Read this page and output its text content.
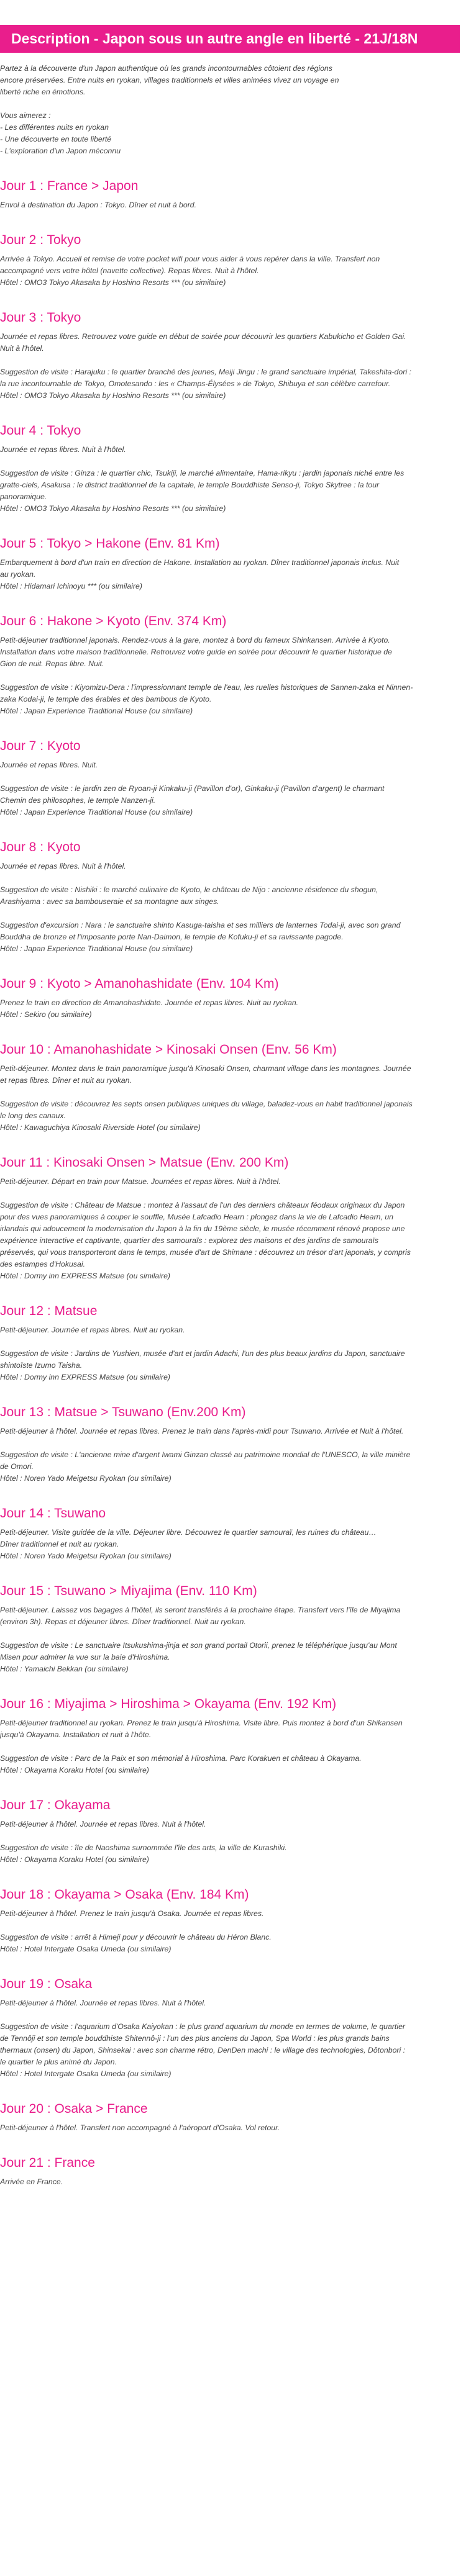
Description - Japon sous un autre angle en liberté - 21J/18N

Partez à la découverte d'un Japon authentique où les grands incontournables côtoient des régions

encore préservées. Entre nuits en ryokan, villages traditionnels et villes animées vivez un voyage en

liberté riche en émotions.

Vous aimerez :

- Les différentes nuits en ryokan

- Une découverte en toute liberté

- L'exploration d'un Japon méconnu

Jour 1 : France > Japon

Envol à destination du Japon : Tokyo. Dîner et nuit à bord.

Jour 2 : Tokyo

Arrivée à Tokyo. Accueil et remise de votre pocket wifi pour vous aider à vous repérer dans la ville. Transfert non

accompagné vers votre hôtel (navette collective). Repas libres. Nuit à l'hôtel.

Hôtel : OMO3 Tokyo Akasaka by Hoshino Resorts *** (ou similaire)

Jour 3 : Tokyo

Journée et repas libres. Retrouvez votre guide en début de soirée pour découvrir les quartiers Kabukicho et Golden Gai.

Nuit à l'hôtel.

Suggestion de visite : Harajuku : le quartier branché des jeunes, Meiji Jingu : le grand sanctuaire impérial, Takeshita-dori :

la rue incontournable de Tokyo, Omotesando : les « Champs-Élysées » de Tokyo, Shibuya et son célèbre carrefour.

Hôtel : OMO3 Tokyo Akasaka by Hoshino Resorts *** (ou similaire)

Jour 4 : Tokyo

Journée et repas libres. Nuit à l'hôtel.

Suggestion de visite : Ginza : le quartier chic, Tsukiji, le marché alimentaire, Hama-rikyu : jardin japonais niché entre les

gratte-ciels, Asakusa : le district traditionnel de la capitale, le temple Bouddhiste Senso-ji, Tokyo Skytree : la tour

panoramique.

Hôtel : OMO3 Tokyo Akasaka by Hoshino Resorts *** (ou similaire)

Jour 5 : Tokyo > Hakone (Env. 81 Km)

Embarquement à bord d'un train en direction de Hakone. Installation au ryokan. Dîner traditionnel japonais inclus. Nuit

au ryokan.

Hôtel : Hidamari Ichinoyu *** (ou similaire)

Jour 6 : Hakone > Kyoto (Env. 374 Km)

Petit-déjeuner traditionnel japonais. Rendez-vous à la gare, montez à bord du fameux Shinkansen. Arrivée à Kyoto.

Installation dans votre maison traditionnelle. Retrouvez votre guide en soirée pour découvrir le quartier historique de

Gion de nuit. Repas libre. Nuit.

Suggestion de visite : Kiyomizu-Dera : l'impressionnant temple de l'eau, les ruelles historiques de Sannen-zaka et Ninnen-

zaka Kodai-ji, le temple des érables et des bambous de Kyoto.

Hôtel : Japan Experience Traditional House (ou similaire)

Jour 7 : Kyoto

Journée et repas libres. Nuit.

Suggestion de visite : le jardin zen de Ryoan-ji Kinkaku-ji (Pavillon d'or), Ginkaku-ji (Pavillon d'argent) le charmant

Chemin des philosophes, le temple Nanzen-ji.

Hôtel : Japan Experience Traditional House (ou similaire)

Jour 8 : Kyoto

Journée et repas libres. Nuit à l'hôtel.

Suggestion de visite : Nishiki : le marché culinaire de Kyoto, le château de Nijo : ancienne résidence du shogun,

Arashiyama : avec sa bambouseraie et sa montagne aux singes.

Suggestion d'excursion : Nara : le sanctuaire shinto Kasuga-taisha et ses milliers de lanternes Todai-ji, avec son grand

Bouddha de bronze et l'imposante porte Nan-Daimon, le temple de Kofuku-ji et sa ravissante pagode.

Hôtel : Japan Experience Traditional House (ou similaire)

Jour 9 : Kyoto > Amanohashidate (Env. 104 Km)

Prenez le train en direction de Amanohashidate. Journée et repas libres. Nuit au ryokan.

Hôtel : Sekiro (ou similaire)

Jour 10 : Amanohashidate > Kinosaki Onsen (Env. 56 Km)

Petit-déjeuner. Montez dans le train panoramique jusqu'à Kinosaki Onsen, charmant village dans les montagnes. Journée

et repas libres. Dîner et nuit au ryokan.

Suggestion de visite : découvrez les septs onsen publiques uniques du village, baladez-vous en habit traditionnel japonais

le long des canaux.

Hôtel : Kawaguchiya Kinosaki Riverside Hotel (ou similaire)

Jour 11 : Kinosaki Onsen > Matsue (Env. 200 Km)

Petit-déjeuner. Départ en train pour Matsue. Journées et repas libres. Nuit à l'hôtel.

Suggestion de visite : Château de Matsue : montez à l'assaut de l'un des derniers châteaux féodaux originaux du Japon

pour des vues panoramiques à couper le souffle, Musée Lafcadio Hearn : plongez dans la vie de Lafcadio Hearn, un

irlandais qui adoucement la modernisation du Japon à la fin du 19ème siècle, le musée récemment rénové propose une

expérience interactive et captivante, quartier des samouraïs : explorez des maisons et des jardins de samouraïs

préservés, qui vous transporteront dans le temps, musée d'art de Shimane : découvrez un trésor d'art japonais, y compris

des estampes d'Hokusai.

Hôtel : Dormy inn EXPRESS Matsue (ou similaire)

Jour 12 : Matsue

Petit-déjeuner. Journée et repas libres. Nuit au ryokan.

Suggestion de visite : Jardins de Yushien, musée d'art et jardin Adachi, l'un des plus beaux jardins du Japon, sanctuaire

shintoïste Izumo Taisha.

Hôtel : Dormy inn EXPRESS Matsue (ou similaire)

Jour 13 : Matsue > Tsuwano (Env.200 Km)

Petit-déjeuner à l'hôtel. Journée et repas libres. Prenez le train dans l'après-midi pour Tsuwano. Arrivée et Nuit à l'hôtel.

Suggestion de visite : L'ancienne mine d'argent Iwami Ginzan classé au patrimoine mondial de l'UNESCO, la ville minière

de Omori.

Hôtel : Noren Yado Meigetsu Ryokan (ou similaire)

Jour 14 : Tsuwano

Petit-déjeuner. Visite guidée de la ville. Déjeuner libre. Découvrez le quartier samouraï, les ruines du château…

Dîner traditionnel et nuit au ryokan.

Hôtel : Noren Yado Meigetsu Ryokan (ou similaire)

Jour 15 : Tsuwano > Miyajima (Env. 110 Km)

Petit-déjeuner. Laissez vos bagages à l'hôtel, ils seront transférés à la prochaine étape. Transfert vers l'île de Miyajima

(environ 3h). Repas et déjeuner libres. Dîner traditionnel. Nuit au ryokan.

Suggestion de visite : Le sanctuaire Itsukushima-jinja et son grand portail Otorii, prenez le téléphérique jusqu'au Mont

Misen pour admirer la vue sur la baie d'Hiroshima.

Hôtel : Yamaichi Bekkan (ou similaire)

Jour 16 : Miyajima > Hiroshima > Okayama (Env. 192 Km)

Petit-déjeuner traditionnel au ryokan. Prenez le train jusqu'à Hiroshima. Visite libre. Puis montez à bord d'un Shikansen

jusqu'à Okayama. Installation et nuit à l'hôte.

Suggestion de visite : Parc de la Paix et son mémorial à Hiroshima. Parc Korakuen et château à Okayama.

Hôtel : Okayama Koraku Hotel (ou similaire)

Jour 17 : Okayama

Petit-déjeuner à l'hôtel. Journée et repas libres. Nuit à l'hôtel.

Suggestion de visite : île de Naoshima surnommée l'île des arts, la ville de Kurashiki.

Hôtel : Okayama Koraku Hotel (ou similaire)

Jour 18 : Okayama > Osaka (Env. 184 Km)

Petit-déjeuner à l'hôtel. Prenez le train jusqu'à Osaka. Journée et repas libres.

Suggestion de visite : arrêt à Himeji pour y découvrir le château du Héron Blanc.

Hôtel : Hotel Intergate Osaka Umeda (ou similaire)

Jour 19 : Osaka

Petit-déjeuner à l'hôtel. Journée et repas libres. Nuit à l'hôtel.

Suggestion de visite : l'aquarium d'Osaka Kaiyokan : le plus grand aquarium du monde en termes de volume, le quartier

de Tennôji et son temple bouddhiste Shitennô-ji : l'un des plus anciens du Japon, Spa World : les plus grands bains

thermaux (onsen) du Japon, Shinsekai : avec son charme rétro, DenDen machi : le village des technologies, Dôtonbori :

le quartier le plus animé du Japon.

Hôtel : Hotel Intergate Osaka Umeda (ou similaire)

Jour 20 : Osaka > France

Petit-déjeuner à l'hôtel. Transfert non accompagné à l'aéroport d'Osaka. Vol retour.

Jour 21 : France

Arrivée en France.
